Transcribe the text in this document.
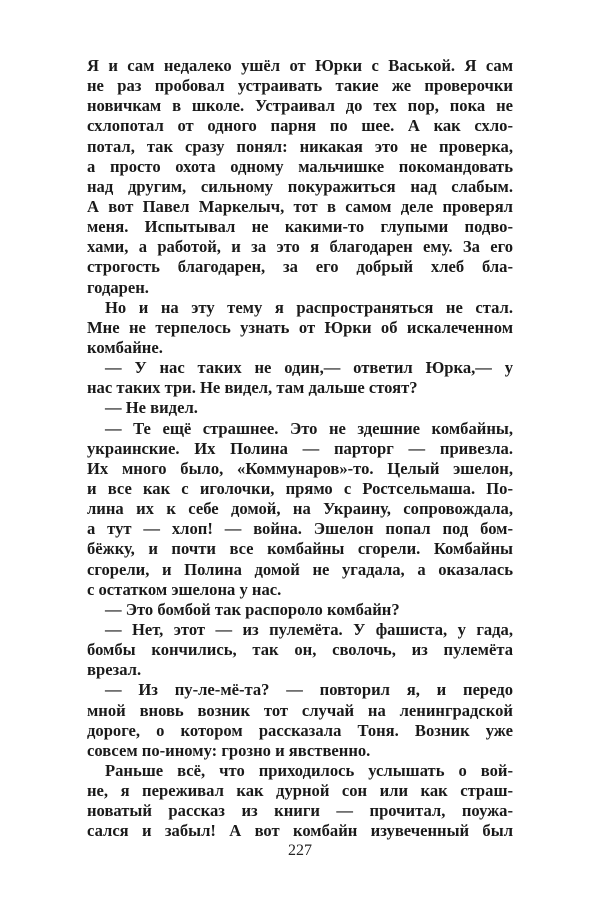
Я и сам недалеко ушёл от Юрки с Васькой. Я сам
не раз пробовал устраивать такие же проверочки
новичкам в школе. Устраивал до тех пор, пока не
схлопотал от одного парня по шее. А как схло-
потал, так сразу понял: никакая это не проверка,
а просто охота одному мальчишке покомандовать
над другим, сильному покуражиться над слабым.
А вот Павел Маркелыч, тот в самом деле проверял
меня. Испытывал не какими-то глупыми подво-
хами, а работой, и за это я благодарен ему. За его
строгость благодарен, за его добрый хлеб бла-
годарен.
Но и на эту тему я распространяться не стал.
Мне не терпелось узнать от Юрки об искалеченном
комбайне.
— У нас таких не один,— ответил Юрка,— у
нас таких три. Не видел, там дальше стоят?
— Не видел.
— Те ещё страшнее. Это не здешние комбайны,
украинские. Их Полина — парторг — привезла.
Их много было, «Коммунаров»-то. Целый эшелон,
и все как с иголочки, прямо с Ростсельмаша. По-
лина их к себе домой, на Украину, сопровождала,
а тут — хлоп! — война. Эшелон попал под бом-
бёжку, и почти все комбайны сгорели. Комбайны
сгорели, и Полина домой не угадала, а оказалась
с остатком эшелона у нас.
— Это бомбой так распороло комбайн?
— Нет, этот — из пулемёта. У фашиста, у гада,
бомбы кончились, так он, сволочь, из пулемёта
врезал.
— Из пу-ле-мё-та? — повторил я, и передо
мной вновь возник тот случай на ленинградской
дороге, о котором рассказала Тоня. Возник уже
совсем по-иному: грозно и явственно.
Раньше всё, что приходилось услышать о вой-
не, я переживал как дурной сон или как страш-
новатый рассказ из книги — прочитал, поужа-
сался и забыл! А вот комбайн изувеченный был
227
